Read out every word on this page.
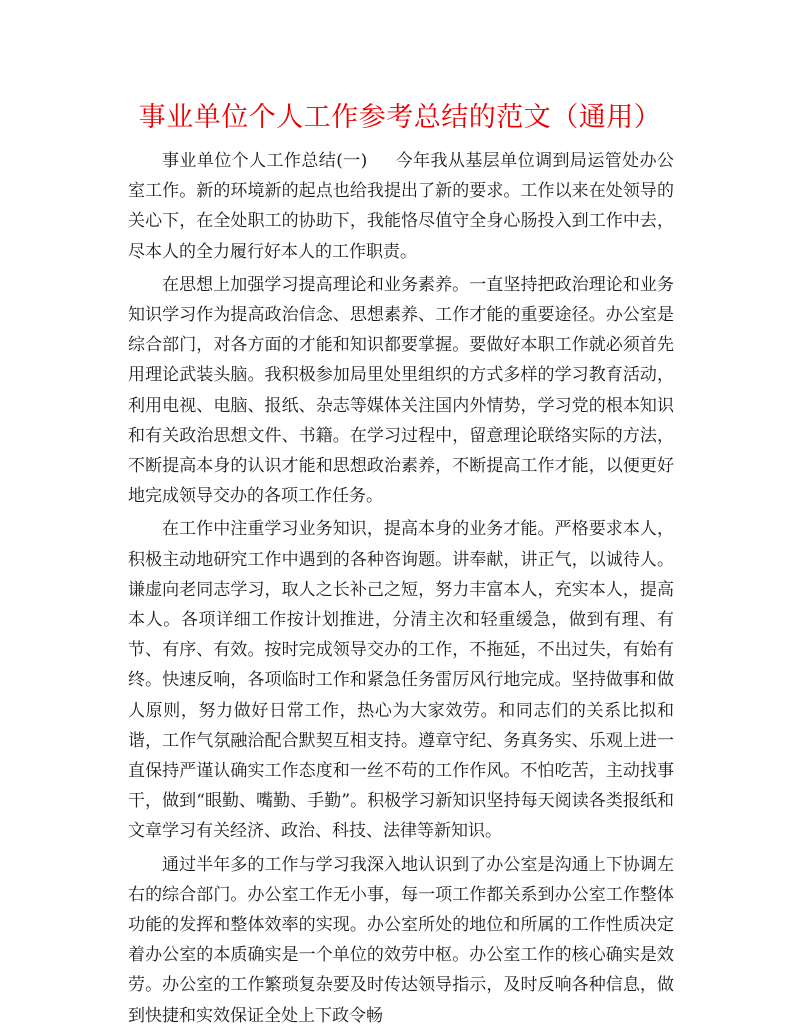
事业单位个人工作参考总结的范文（通用）

事业单位个人工作总结(一) 今年我从基层单位调到局运管处办公室工作。新的环境新的起点也给我提出了新的要求。工作以来在处领导的关心下，在全处职工的协助下，我能恪尽值守全身心肠投入到工作中去，尽本人的全力履行好本人的工作职责。

在思想上加强学习提高理论和业务素养。一直坚持把政治理论和业务知识学习作为提高政治信念、思想素养、工作才能的重要途径。办公室是综合部门，对各方面的才能和知识都要掌握。要做好本职工作就必须首先用理论武装头脑。我积极参加局里处里组织的方式多样的学习教育活动，利用电视、电脑、报纸、杂志等媒体关注国内外情势，学习党的根本知识和有关政治思想文件、书籍。在学习过程中，留意理论联络实际的方法，不断提高本身的认识才能和思想政治素养，不断提高工作才能，以便更好地完成领导交办的各项工作任务。

在工作中注重学习业务知识，提高本身的业务才能。严格要求本人，积极主动地研究工作中遇到的各种咨询题。讲奉献，讲正气，以诚待人。谦虚向老同志学习，取人之长补己之短，努力丰富本人，充实本人，提高本人。各项详细工作按计划推进，分清主次和轻重缓急，做到有理、有节、有序、有效。按时完成领导交办的工作，不拖延，不出过失，有始有终。快速反响，各项临时工作和紧急任务雷厉风行地完成。坚持做事和做人原则，努力做好日常工作，热心为大家效劳。和同志们的关系比拟和谐，工作气氛融洽配合默契互相支持。遵章守纪、务真务实、乐观上进一直保持严谨认确实工作态度和一丝不苟的工作作风。不怕吃苦，主动找事干，做到“眼勤、嘴勤、手勤”。积极学习新知识坚持每天阅读各类报纸和文章学习有关经济、政治、科技、法律等新知识。

通过半年多的工作与学习我深入地认识到了办公室是沟通上下协调左右的综合部门。办公室工作无小事，每一项工作都关系到办公室工作整体功能的发挥和整体效率的实现。办公室所处的地位和所属的工作性质决定着办公室的本质确实是一个单位的效劳中枢。办公室工作的核心确实是效劳。办公室的工作繁琐复杂要及时传达领导指示，及时反响各种信息，做到快捷和实效保证全处上下政令畅
